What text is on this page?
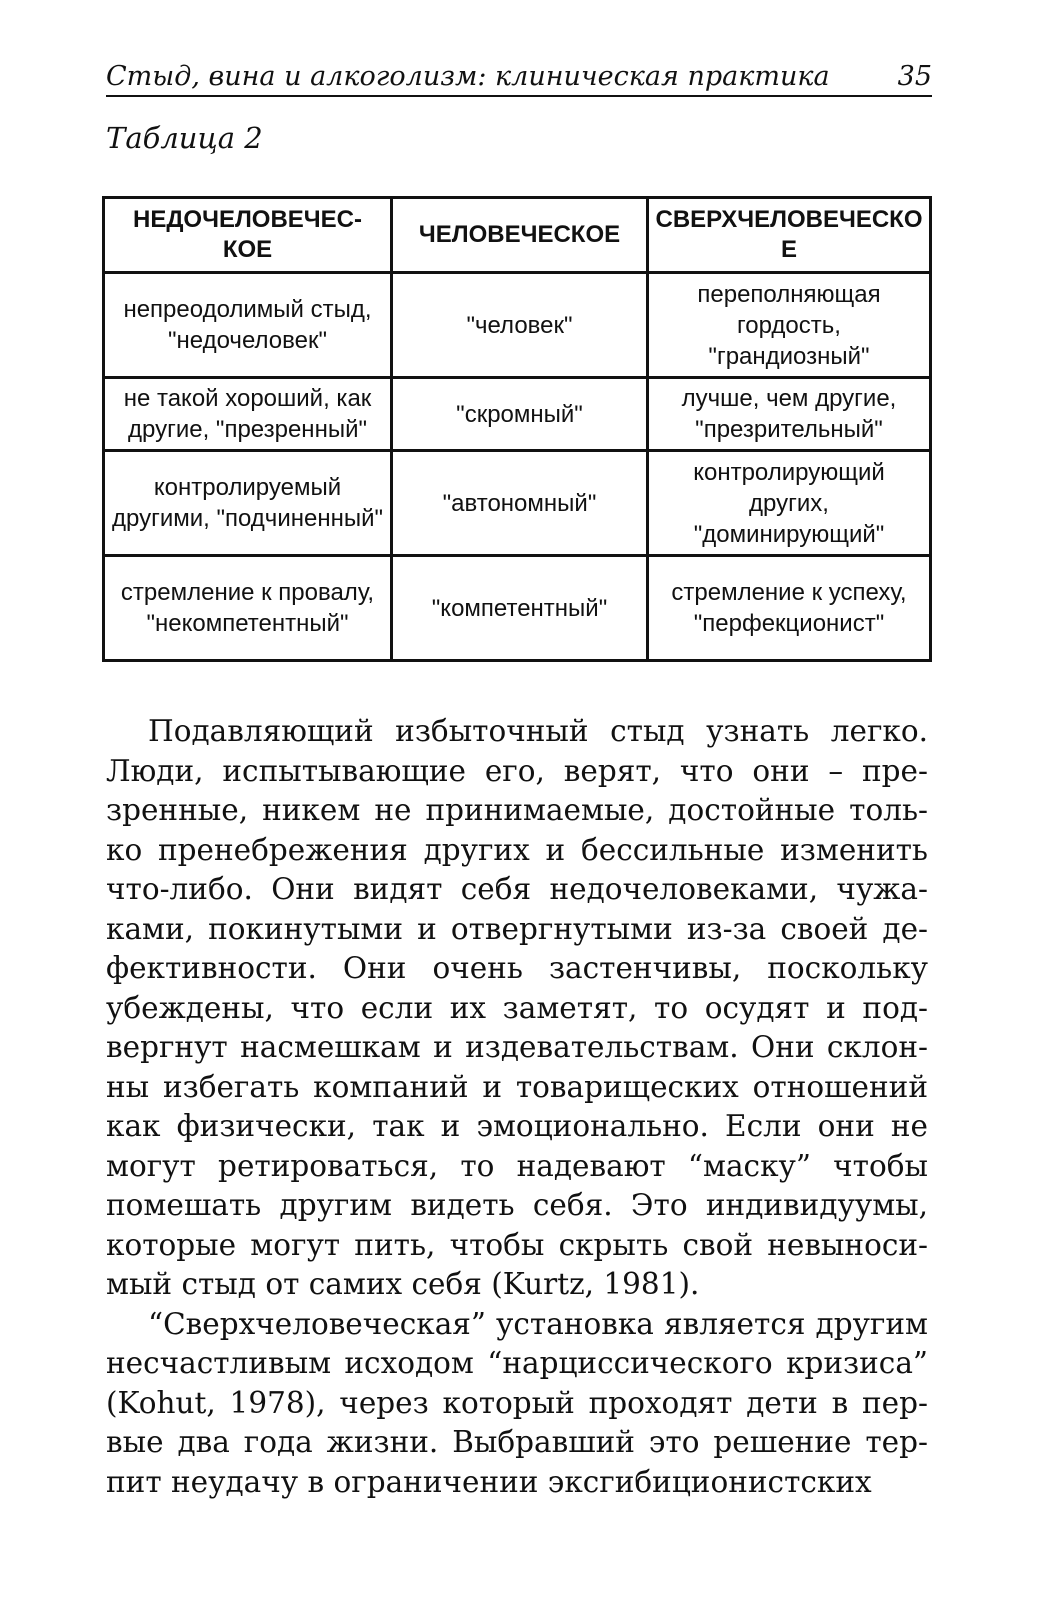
Стыд, вина и алкоголизм: клиническая практика	35
Таблица 2
НЕДОЧЕЛОВЕЧЕС-КОЕ	ЧЕЛОВЕЧЕСКОЕ	СВЕРХЧЕЛОВЕЧЕСКОЕ
непреодолимый стыд, "недочеловек"	"человек"	переполняющая гордость, "грандиозный"
не такой хороший, как другие, "презренный"	"скромный"	лучше, чем другие, "презрительный"
контролируемый другими, "подчиненный"	"автономный"	контролирующий других, "доминирующий"
стремление к провалу, "некомпетентный"	"компетентный"	стремление к успеху, "перфекционист"

Подавляющий избыточный стыд узнать легко. Люди, испытывающие его, верят, что они – презренные, никем не принимаемые, достойные только пренебрежения других и бессильные изменить что-либо. Они видят себя недочеловеками, чужаками, покинутыми и отвергнутыми из-за своей дефективности. Они очень застенчивы, поскольку убеждены, что если их заметят, то осудят и подвергнут насмешкам и издевательствам. Они склонны избегать компаний и товарищеских отношений как физически, так и эмоционально. Если они не могут ретироваться, то надевают “маску” чтобы помешать другим видеть себя. Это индивидуумы, которые могут пить, чтобы скрыть свой невыносимый стыд от самих себя (Kurtz, 1981).

“Сверхчеловеческая” установка является другим несчастливым исходом “нарциссического кризиса” (Kohut, 1978), через который проходят дети в первые два года жизни. Выбравший это решение терпит неудачу в ограничении эксгибиционистских
